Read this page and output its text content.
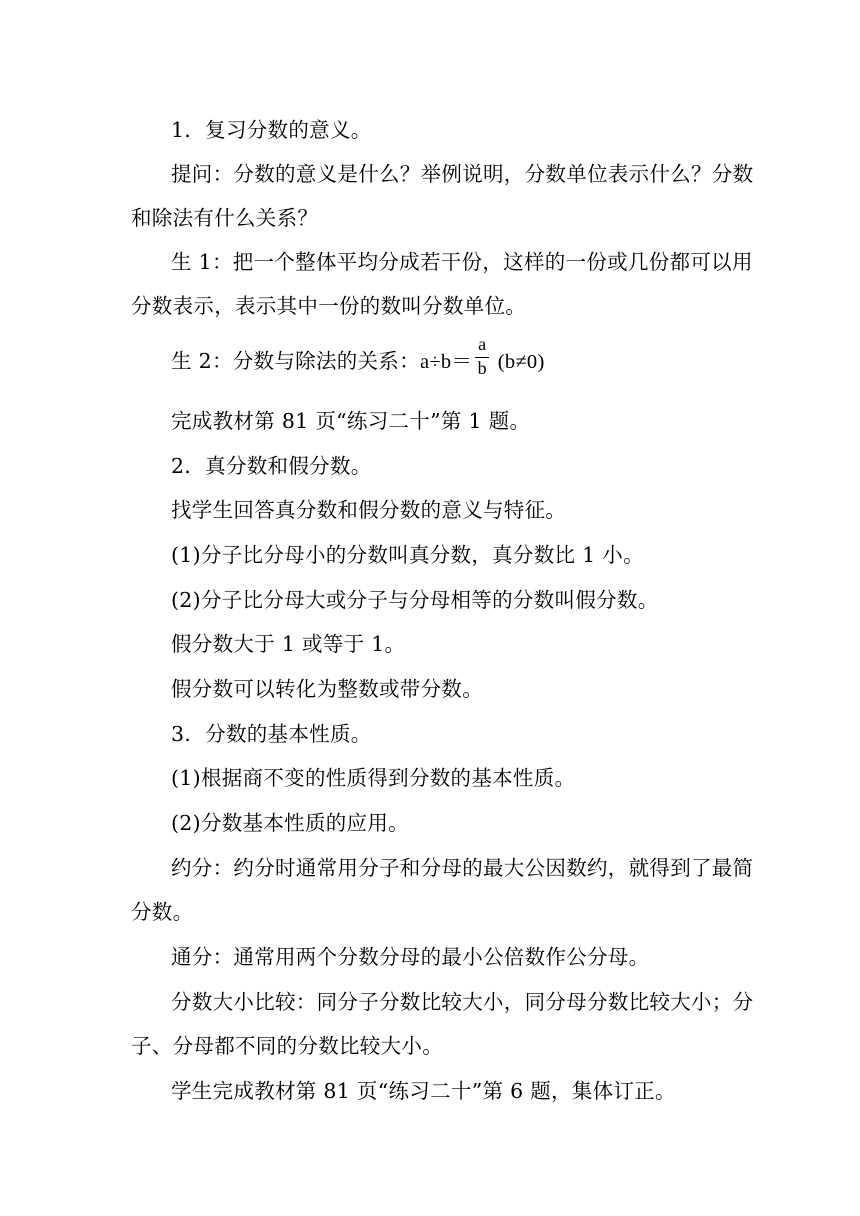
1．复习分数的意义。
提问：分数的意义是什么？举例说明，分数单位表示什么？分数
和除法有什么关系？
生 1：把一个整体平均分成若干份，这样的一份或几份都可以用
分数表示，表示其中一份的数叫分数单位。
生 2：分数与除法的关系：$a\div b= \frac{a}{b} (b\ne 0)$
完成教材第 81 页“练习二十”第 1 题。
2．真分数和假分数。
找学生回答真分数和假分数的意义与特征。
(1)分子比分母小的分数叫真分数，真分数比 1 小。
(2)分子比分母大或分子与分母相等的分数叫假分数。
假分数大于 1 或等于 1。
假分数可以转化为整数或带分数。
3．分数的基本性质。
(1)根据商不变的性质得到分数的基本性质。
(2)分数基本性质的应用。
约分：约分时通常用分子和分母的最大公因数约，就得到了最简
分数。
通分：通常用两个分数分母的最小公倍数作公分母。
分数大小比较：同分子分数比较大小，同分母分数比较大小；分
子、分母都不同的分数比较大小。
学生完成教材第 81 页“练习二十”第 6 题，集体订正。
